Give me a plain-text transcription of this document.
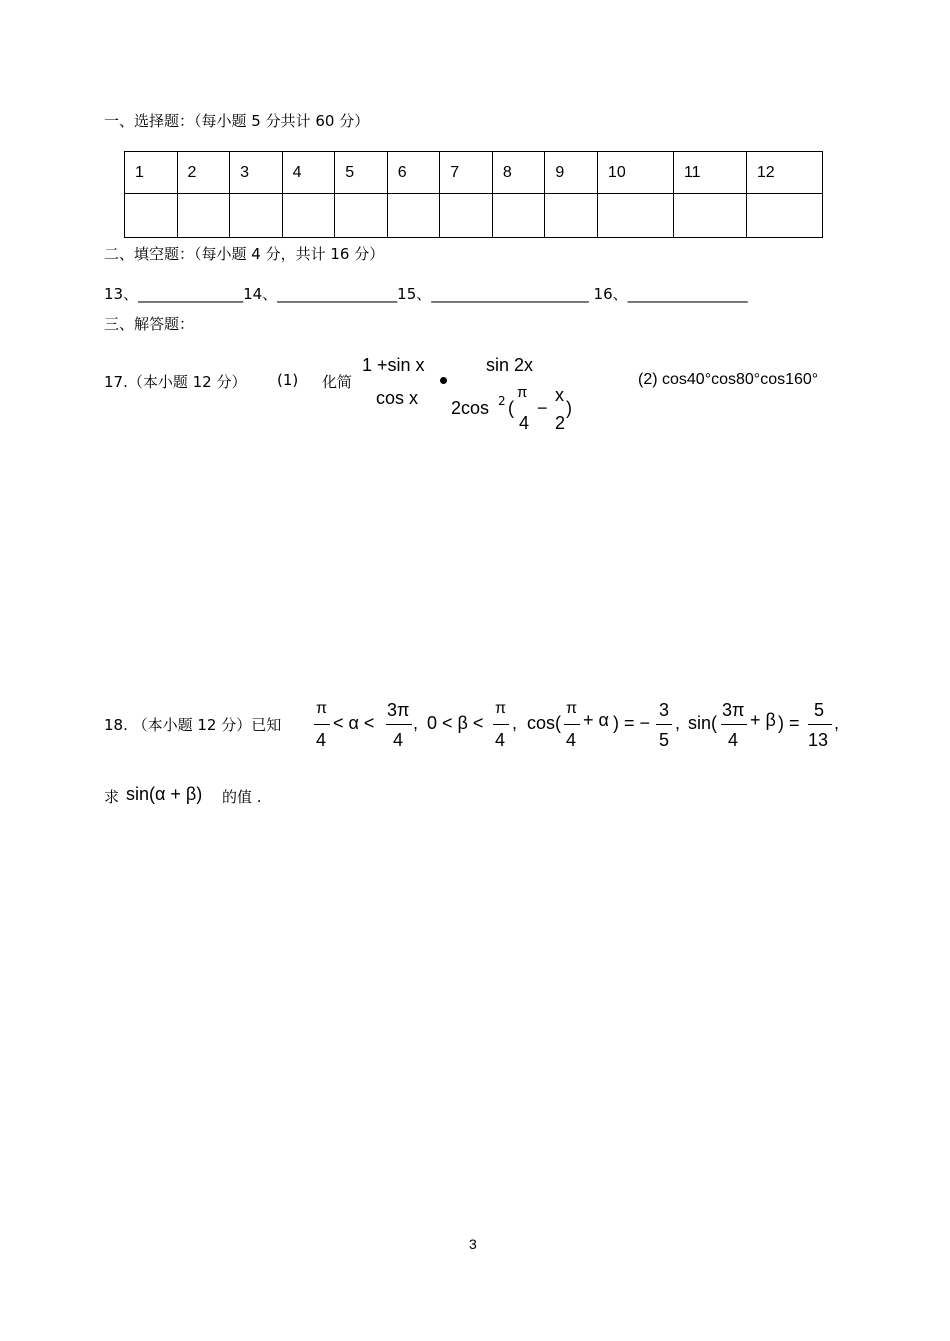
一、选择题：（每小题 5 分共计 60 分）
1	2	3	4	5	6	7	8	9	10	11	12

二、填空题：（每小题 4 分，共计 16 分）
13、______________14、________________15、_____________________ 16、________________
三、解答题：
17.（本小题 12 分） (1) 化简
1 +sin x
cos x
sin 2x
2cos 2 (
π
4
−
x
2
)
(2) cos40°cos80°cos160°
18. （本小题 12 分）已知
π
4
< α <
3π
4
, 0 < β <
π
4
, cos(
π
4
+ α ) = −
3
5
, sin(
3π
4
+ β ) =
5
13
,
求 sin(α + β) 的值 .
3
